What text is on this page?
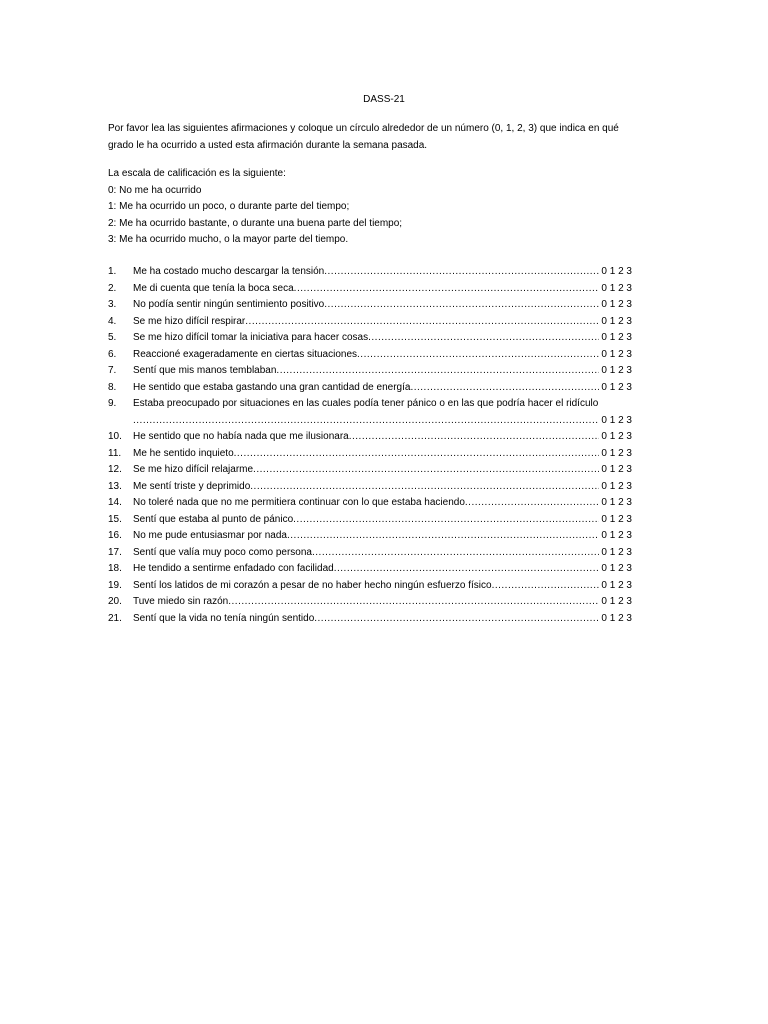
DASS-21
Por favor lea las siguientes afirmaciones y coloque un círculo alrededor de un número (0, 1, 2, 3) que indica en qué grado le ha ocurrido a usted esta afirmación durante la semana pasada.
La escala de calificación es la siguiente:
0: No me ha ocurrido
1: Me ha ocurrido un poco, o durante parte del tiempo;
2: Me ha ocurrido bastante, o durante una buena parte del tiempo;
3: Me ha ocurrido mucho, o la mayor parte del tiempo.
1.	Me ha costado mucho descargar la tensión .....	0 1 2 3
2.	Me di cuenta que tenía la boca seca .....	0 1 2 3
3.	No podía sentir ningún sentimiento positivo .....	0 1 2 3
4.	Se me hizo difícil respirar .....	0 1 2 3
5.	Se me hizo difícil tomar la iniciativa para hacer cosas .....	0 1 2 3
6.	Reaccioné exageradamente en ciertas situaciones .....	0 1 2 3
7.	Sentí que mis manos temblaban .....	0 1 2 3
8.	He sentido que estaba gastando una gran cantidad de energía .....	0 1 2 3
9.	Estaba preocupado por situaciones en las cuales podía tener pánico o en las que podría hacer el ridículo
.....
0 1 2 3
10.	He sentido que no había nada que me ilusionara .....	0 1 2 3
11.	Me he sentido inquieto .....	0 1 2 3
12.	Se me hizo difícil relajarme .....	0 1 2 3
13.	Me sentí triste y deprimido .....	0 1 2 3
14.	No toleré nada que no me permitiera continuar con lo que estaba haciendo .....	0 1 2 3
15.	Sentí que estaba al punto de pánico .....	0 1 2 3
16.	No me pude entusiasmar por nada .....	0 1 2 3
17.	Sentí que valía muy poco como persona .....	0 1 2 3
18.	He tendido a sentirme enfadado con facilidad .....	0 1 2 3
19.	Sentí los latidos de mi corazón a pesar de no haber hecho ningún esfuerzo físico .....	0 1 2 3
20.	Tuve miedo sin razón .....	0 1 2 3
21.	Sentí que la vida no tenía ningún sentido .....	0 1 2 3
